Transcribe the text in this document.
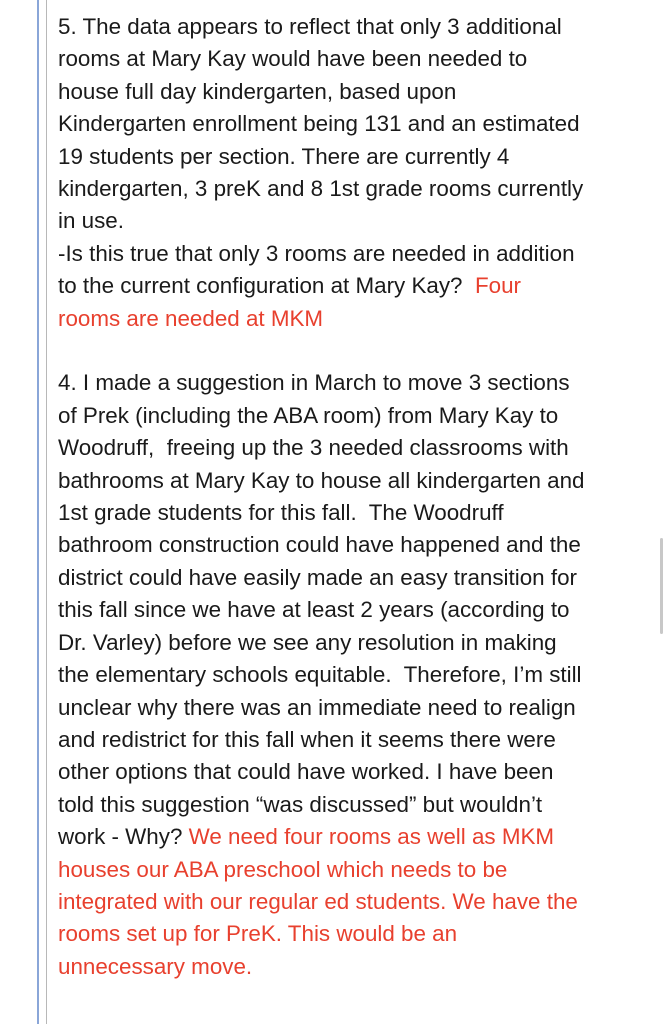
5. The data appears to reflect that only 3 additional
rooms at Mary Kay would have been needed to
house full day kindergarten, based upon
Kindergarten enrollment being 131 and an estimated
19 students per section. There are currently 4
kindergarten, 3 preK and 8 1st grade rooms currently
in use.
-Is this true that only 3 rooms are needed in addition
to the current configuration at Mary Kay?  Four
rooms are needed at MKM
4. I made a suggestion in March to move 3 sections
of Prek (including the ABA room) from Mary Kay to
Woodruff,  freeing up the 3 needed classrooms with
bathrooms at Mary Kay to house all kindergarten and
1st grade students for this fall.  The Woodruff
bathroom construction could have happened and the
district could have easily made an easy transition for
this fall since we have at least 2 years (according to
Dr. Varley) before we see any resolution in making
the elementary schools equitable.  Therefore, I’m still
unclear why there was an immediate need to realign
and redistrict for this fall when it seems there were
other options that could have worked. I have been
told this suggestion “was discussed” but wouldn’t
work - Why? We need four rooms as well as MKM
houses our ABA preschool which needs to be
integrated with our regular ed students. We have the
rooms set up for PreK. This would be an
unnecessary move.
